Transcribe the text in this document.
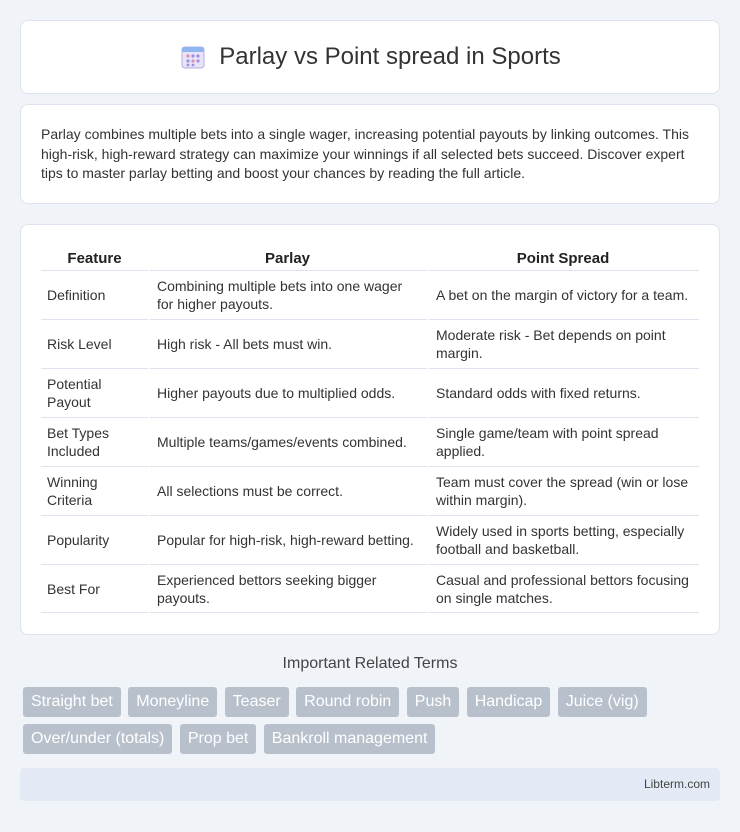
Parlay vs Point spread in Sports

Parlay combines multiple bets into a single wager, increasing potential payouts by linking outcomes. This high-risk, high-reward strategy can maximize your winnings if all selected bets succeed. Discover expert tips to master parlay betting and boost your chances by reading the full article.

Feature	Parlay	Point Spread
Definition	Combining multiple bets into one wager for higher payouts.	A bet on the margin of victory for a team.
Risk Level	High risk - All bets must win.	Moderate risk - Bet depends on point margin.
Potential Payout	Higher payouts due to multiplied odds.	Standard odds with fixed returns.
Bet Types Included	Multiple teams/games/events combined.	Single game/team with point spread applied.
Winning Criteria	All selections must be correct.	Team must cover the spread (win or lose within margin).
Popularity	Popular for high-risk, high-reward betting.	Widely used in sports betting, especially football and basketball.
Best For	Experienced bettors seeking bigger payouts.	Casual and professional bettors focusing on single matches.
Important Related Terms
Straight bet Moneyline Teaser Round robin Push Handicap Juice (vig) Over/under (totals) Prop bet Bankroll management
Libterm.com
